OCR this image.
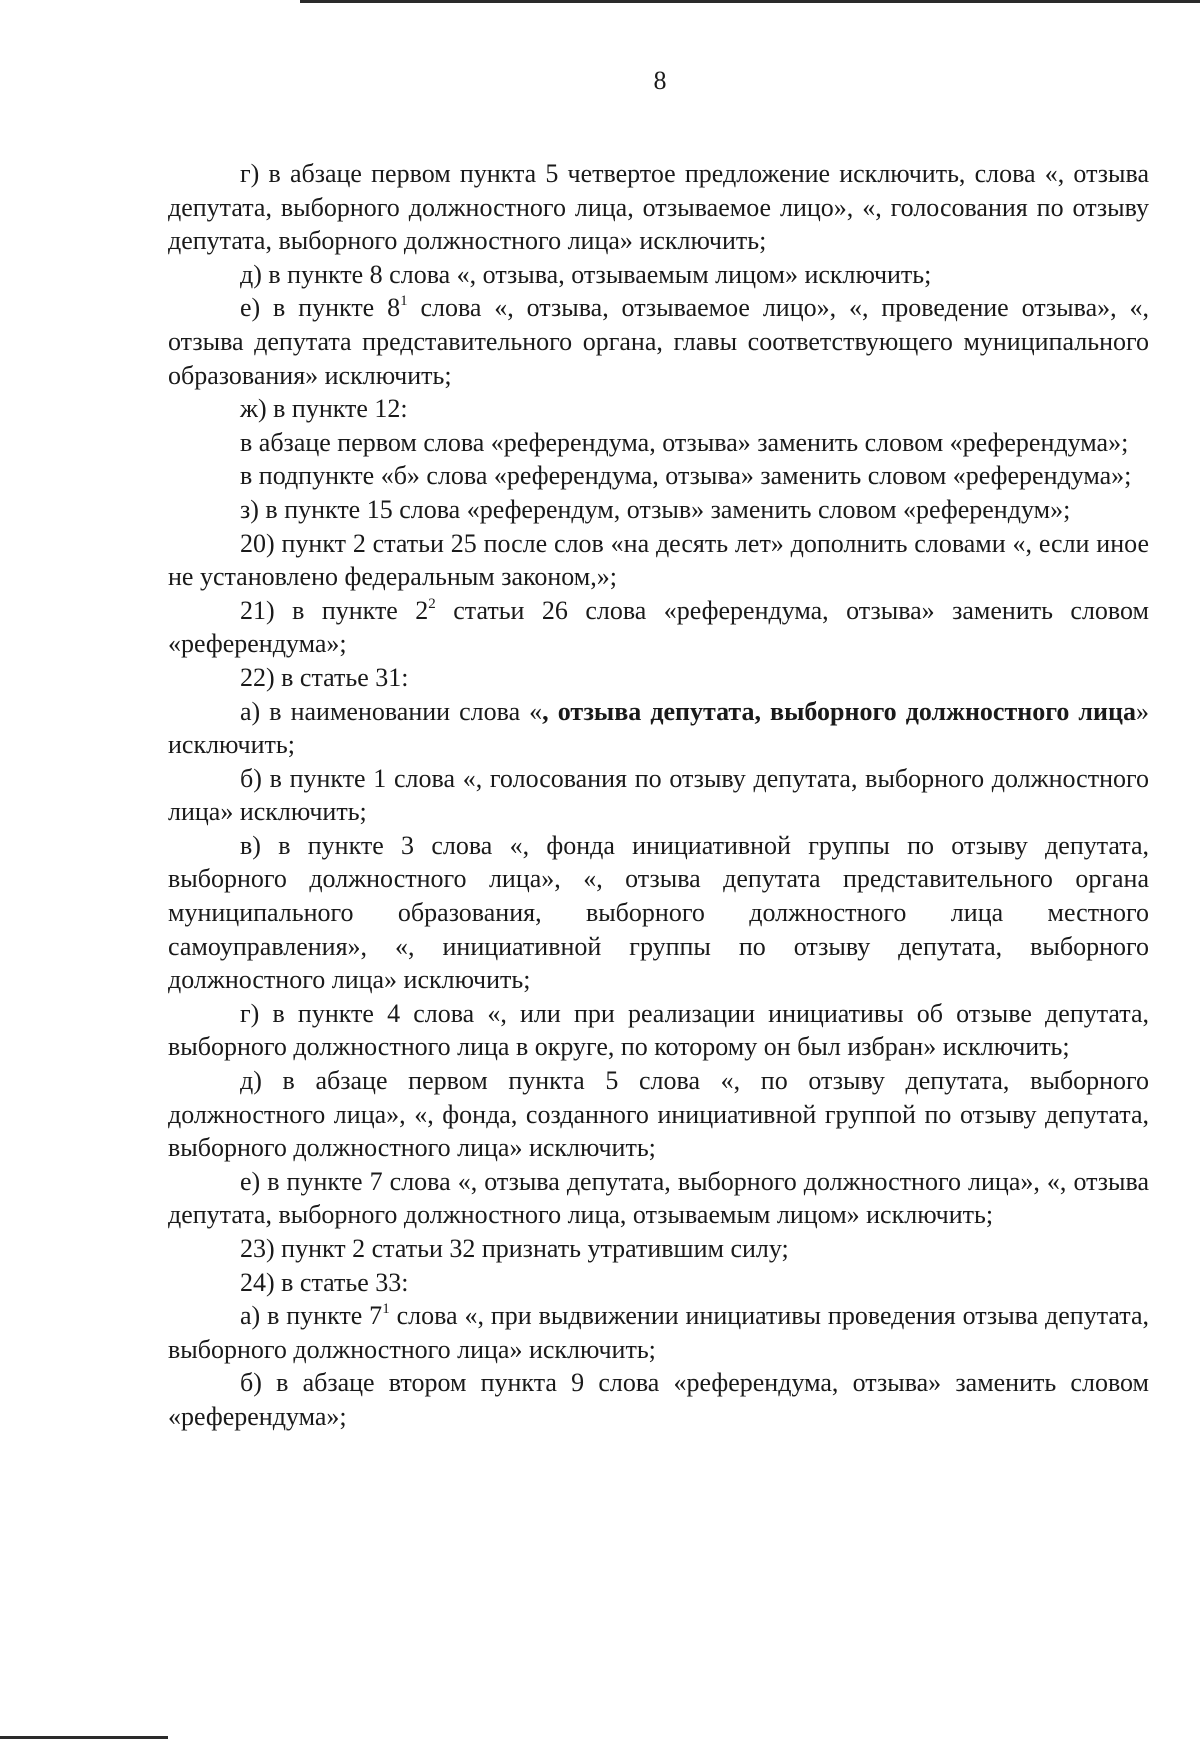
8

г) в абзаце первом пункта 5 четвертое предложение исключить, слова «, отзыва депутата, выборного должностного лица, отзываемое лицо», «, голосования по отзыву депутата, выборного должностного лица» исключить;

д) в пункте 8 слова «, отзыва, отзываемым лицом» исключить;

е) в пункте $8^1$ слова «, отзыва, отзываемое лицо», «, проведение отзыва», «, отзыва депутата представительного органа, главы соответствующего муниципального образования» исключить;

ж) в пункте 12:

в абзаце первом слова «референдума, отзыва» заменить словом «референдума»;

в подпункте «б» слова «референдума, отзыва» заменить словом «референдума»;

з) в пункте 15 слова «референдум, отзыв» заменить словом «референдум»;

20) пункт 2 статьи 25 после слов «на десять лет» дополнить словами «, если иное не установлено федеральным законом,»;

21) в пункте $2^2$ статьи 26 слова «референдума, отзыва» заменить словом «референдума»;

22) в статье 31:

а) в наименовании слова «, отзыва депутата, выборного должностного лица» исключить;

б) в пункте 1 слова «, голосования по отзыву депутата, выборного должностного лица» исключить;

в) в пункте 3 слова «, фонда инициативной группы по отзыву депутата, выборного должностного лица», «, отзыва депутата представительного органа муниципального образования, выборного должностного лица местного самоуправления», «, инициативной группы по отзыву депутата, выборного должностного лица» исключить;

г) в пункте 4 слова «, или при реализации инициативы об отзыве депутата, выборного должностного лица в округе, по которому он был избран» исключить;

д) в абзаце первом пункта 5 слова «, по отзыву депутата, выборного должностного лица», «, фонда, созданного инициативной группой по отзыву депутата, выборного должностного лица» исключить;

е) в пункте 7 слова «, отзыва депутата, выборного должностного лица», «, отзыва депутата, выборного должностного лица, отзываемым лицом» исключить;

23) пункт 2 статьи 32 признать утратившим силу;

24) в статье 33:

а) в пункте $7^1$ слова «, при выдвижении инициативы проведения отзыва депутата, выборного должностного лица» исключить;

б) в абзаце втором пункта 9 слова «референдума, отзыва» заменить словом «референдума»;
